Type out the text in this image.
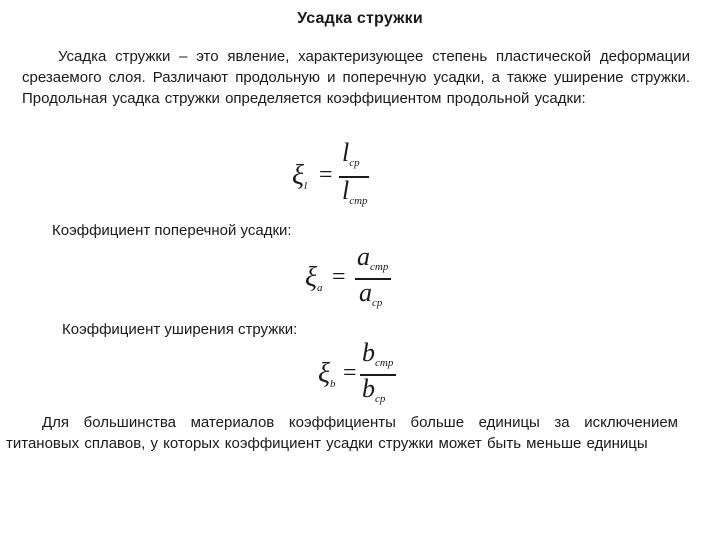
Усадка стружки

Усадка стружки – это явление, характеризующее степень пластической деформации срезаемого слоя. Различают продольную и поперечную усадки, а также уширение стружки. Продольная усадка стружки определяется коэффициентом продольной усадки:

$\xi_l$ =
$l_{ср}$
$l_{стр}$

Коэффициент поперечной усадки:

$\xi_a$ =
$a_{стр}$
$a_{ср}$

Коэффициент уширения стружки:

$\xi_b$ =
$b_{стр}$
$b_{ср}$

Для большинства материалов коэффициенты больше единицы за исключением титановых сплавов, у которых коэффициент усадки стружки может быть меньше единицы
